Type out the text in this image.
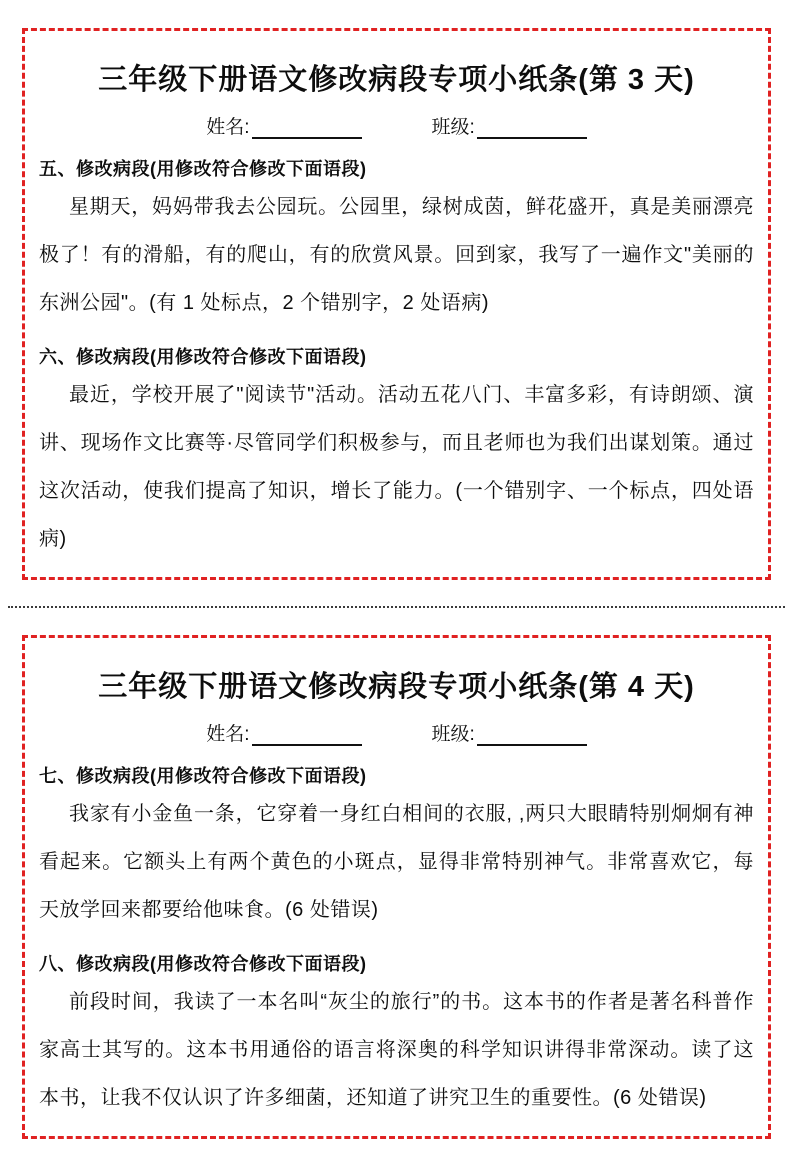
三年级下册语文修改病段专项小纸条(第 3 天)
姓名:	班级:
五、修改病段(用修改符合修改下面语段)

星期天，妈妈带我去公园玩。公园里，绿树成茵，鲜花盛开，真是美丽漂亮极了！有的滑船，有的爬山，有的欣赏风景。回到家，我写了一遍作文"美丽的东洲公园"。(有 1 处标点，2 个错别字，2 处语病)

六、修改病段(用修改符合修改下面语段)

最近，学校开展了"阅读节"活动。活动五花八门、丰富多彩，有诗朗颂、演讲、现场作文比赛等·尽管同学们积极参与，而且老师也为我们出谋划策。通过这次活动，使我们提高了知识，增长了能力。(一个错别字、一个标点，四处语病)

三年级下册语文修改病段专项小纸条(第 4 天)
姓名:	班级:
七、修改病段(用修改符合修改下面语段)

我家有小金鱼一条，它穿着一身红白相间的衣服, ,两只大眼睛特别炯炯有神看起来。它额头上有两个黄色的小斑点，显得非常特别神气。非常喜欢它，每天放学回来都要给他味食。(6 处错误)

八、修改病段(用修改符合修改下面语段)

前段时间，我读了一本名叫“灰尘的旅行”的书。这本书的作者是著名科普作家高士其写的。这本书用通俗的语言将深奥的科学知识讲得非常深动。读了这本书，让我不仅认识了许多细菌，还知道了讲究卫生的重要性。(6 处错误)
